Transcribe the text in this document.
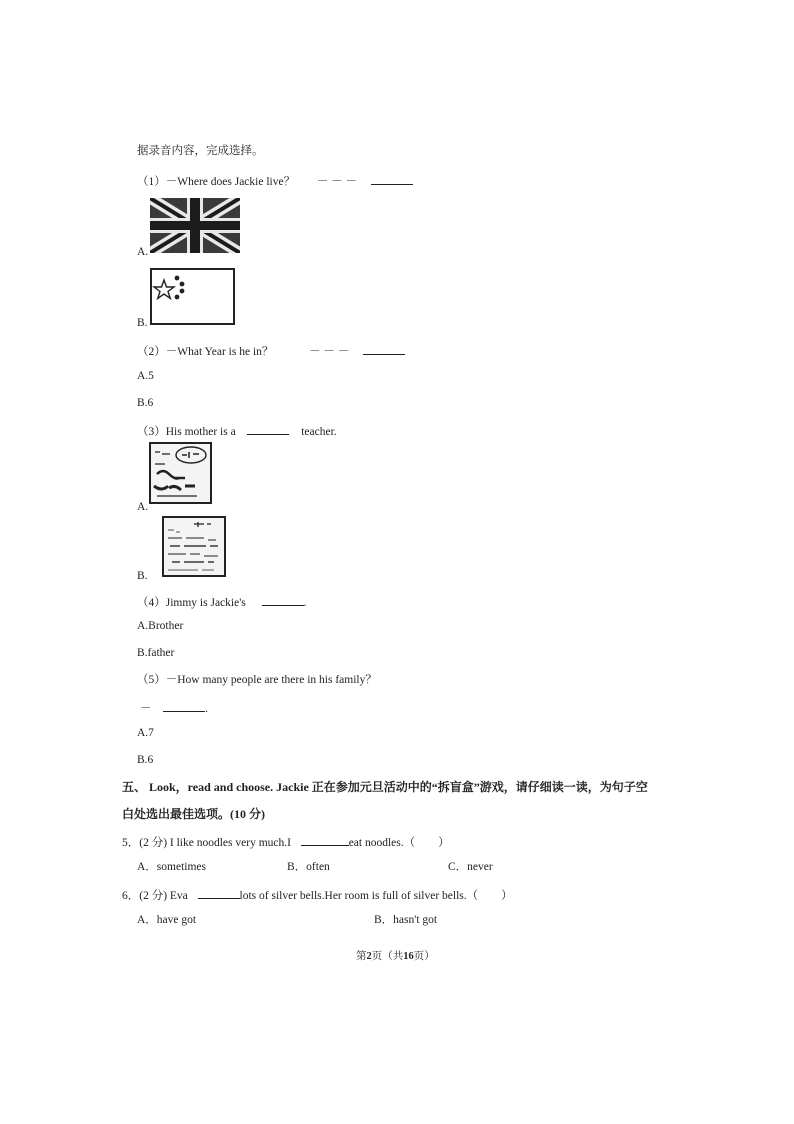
据录音内容，完成选择。
（1）－Where does Jackie live？ － － －
A.
B.
（2）－What Year is he in？	－ － －
A.5
B.6
（3）His mother is a	teacher.
A.
B.
（4）Jimmy is Jackie's	.
A.Brother
B.father
（5）－How many people are there in his family？
－	.
A.7
B.6
五、 Look，read and choose. Jackie 正在参加元旦活动中的“拆盲盒”游戏，请仔细读一读，为句子空
白处选出最佳选项。(10 分)
5．(2 分) I like noodles very much.I	eat noodles.（　　）
A．sometimes	B．often	C．never
6．(2 分) Eva	lots of silver bells.Her room is full of silver bells.（　　）
A．have got	B．hasn't got
第2页（共16页）
